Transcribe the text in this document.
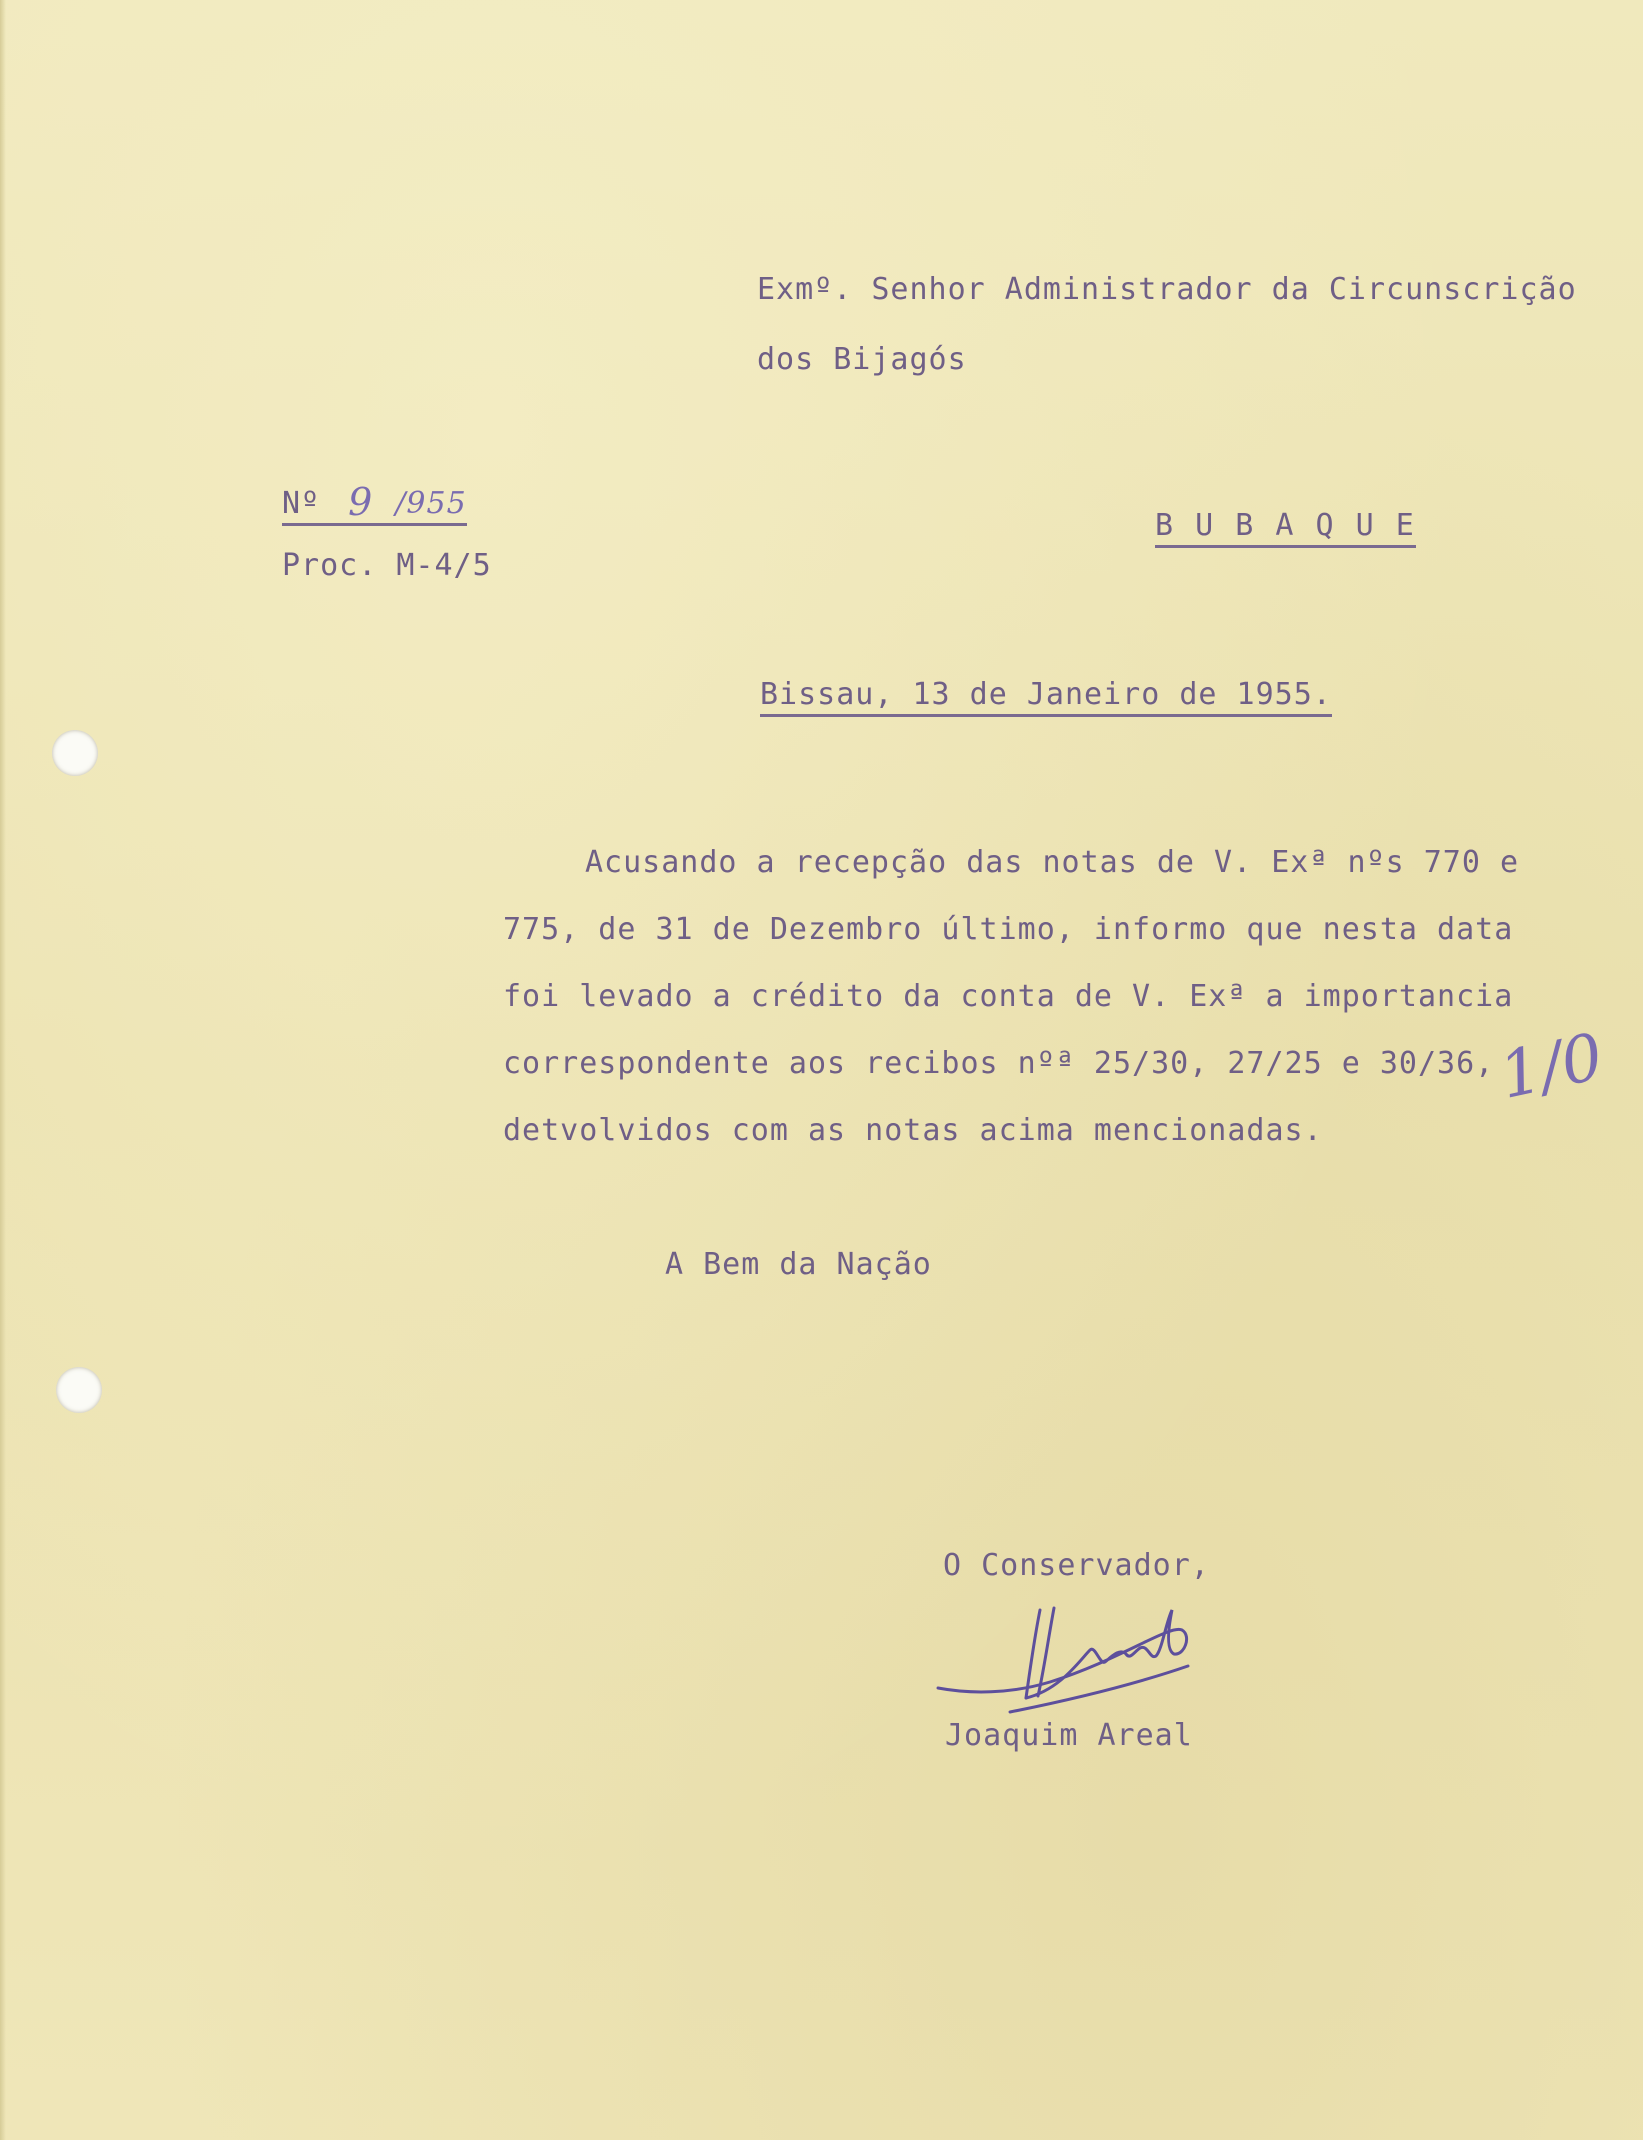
Exmº. Senhor Administrador da Circunscrição
dos Bijagós
Nº 9 /955
Proc. M-4/5
B U B A Q U E
Bissau, 13 de Janeiro de 1955.
Acusando a recepção das notas de V. Exª nºs 770 e
775, de 31 de Dezembro último, informo que nesta data
foi levado a crédito da conta de V. Exª a importancia
correspondente aos recibos nºª 25/30, 27/25 e 30/36,
detvolvidos com as notas acima mencionadas.
1/0
A Bem da Nação
O Conservador,
Joaquim Areal
